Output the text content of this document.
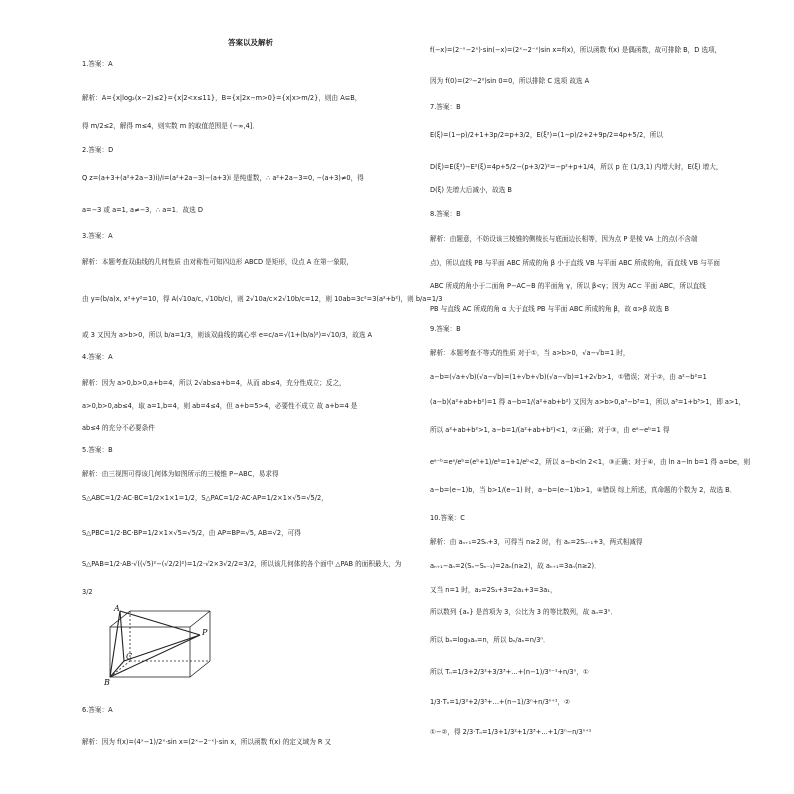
答案以及解析
1.答案：A
解析：A={x|log₂(x−2)≤2}={x|2<x≤11}，B={x|2x−m>0}={x|x>m/2}，则由 A⊆B，
得 m/2≤2，解得 m≤4，则实数 m 的取值范围是 (−∞,4]．
2.答案：D
Q z=(a+3+(a²+2a−3)i)/i=(a²+2a−3)−(a+3)i 是纯虚数，∴ a²+2a−3=0, −(a+3)≠0，得
a=−3 或 a=1, a≠−3，∴ a=1．故选 D
3.答案：A
解析：本题考查双曲线的几何性质 由对称性可知四边形 ABCD 是矩形，设点 A 在第一象限，
由 y=(b/a)x, x²+y²=10，得 A(√10a/c, √10b/c)，则 2√10a/c×2√10b/c=12，则 10ab=3c²=3(a²+b²)，则 b/a=1/3
或 3 又因为 a>b>0，所以 b/a=1/3，则该双曲线的离心率 e=c/a=√(1+(b/a)²)=√10/3，故选 A
4.答案：A
解析：因为 a>0,b>0,a+b=4，所以 2√ab≤a+b=4，从而 ab≤4，充分性成立；反之，
a>0,b>0,ab≤4，取 a=1,b=4，则 ab=4≤4，但 a+b=5>4，必要性不成立 故 a+b=4 是
ab≤4 的充分不必要条件
5.答案：B
解析：由三视图可得该几何体为如图所示的三棱锥 P−ABC，易求得
S△ABC=1/2·AC·BC=1/2×1×1=1/2，S△PAC=1/2·AC·AP=1/2×1×√5=√5/2，
S△PBC=1/2·BC·BP=1/2×1×√5=√5/2，由 AP=BP=√5, AB=√2，可得
S△PAB=1/2·AB·√((√5)²−(√2/2)²)=1/2·√2×3√2/2=3/2，所以该几何体的各个面中 △PAB 的面积最大，为
3/2
6.答案：A
解析：因为 f(x)=(4ˣ−1)/2ˣ·sin x=(2ˣ−2⁻ˣ)·sin x，所以函数 f(x) 的定义域为 R 又
f(−x)=(2⁻ˣ−2ˣ)·sin(−x)=(2ˣ−2⁻ˣ)sin x=f(x)，所以函数 f(x) 是偶函数，故可排除 B，D 选项，
因为 f(0)=(2⁰−2⁰)sin 0=0，所以排除 C 选项 故选 A
7.答案：B
E(ξ)=(1−p)/2+1+3p/2=p+3/2，E(ξ²)=(1−p)/2+2+9p/2=4p+5/2，所以
D(ξ)=E(ξ²)−E²(ξ)=4p+5/2−(p+3/2)²=−p²+p+1/4，所以 p 在 (1/3,1) 内增大时，E(ξ) 增大，
D(ξ) 先增大后减小，故选 B
8.答案：B
解析：由题意，不妨设该三棱锥的侧棱长与底面边长相等，因为点 P 是棱 VA 上的点(不含端
点)，所以直线 PB 与平面 ABC 所成的角 β 小于直线 VB 与平面 ABC 所成的角，而直线 VB 与平面
ABC 所成的角小于二面角 P−AC−B 的平面角 γ，所以 β<γ；因为 AC⊂ 平面 ABC，所以直线
PB 与直线 AC 所成的角 α 大于直线 PB 与平面 ABC 所成的角 β，故 α>β 故选 B
9.答案：B
解析：本题考查不等式的性质 对于①，当 a>b>0，√a−√b=1 时，
a−b=(√a+√b)(√a−√b)=(1+√b+√b)(√a−√b)=1+2√b>1，①错误；对于②，由 a²−b²=1
(a−b)(a²+ab+b²)=1 得 a−b=1/(a²+ab+b²) 又因为 a>b>0,a³−b³=1，所以 a³=1+b³>1，即 a>1，
所以 a²+ab+b²>1, a−b=1/(a²+ab+b²)<1，②正确；对于③，由 eᵃ−eᵇ=1 得
eᵃ⁻ᵇ=eᵃ/eᵇ=(eᵇ+1)/eᵇ=1+1/eᵇ<2，所以 a−b<ln 2<1，③正确；对于④，由 ln a−ln b=1 得 a=be，则
a−b=(e−1)b，当 b>1/(e−1) 时，a−b=(e−1)b>1，④错误 综上所述，真命题的个数为 2，故选 B．
10.答案：C
解析：由 aₙ₊₁=2Sₙ+3，可得当 n≥2 时，有 aₙ=2Sₙ₋₁+3，两式相减得
aₙ₊₁−aₙ=2(Sₙ−Sₙ₋₁)=2aₙ(n≥2)，故 aₙ₊₁=3aₙ(n≥2)．
又当 n=1 时，a₂=2S₁+3=2a₁+3=3a₁，
所以数列 {aₙ} 是首项为 3，公比为 3 的等比数列，故 aₙ=3ⁿ．
所以 bₙ=log₃aₙ=n，所以 bₙ/aₙ=n/3ⁿ．
所以 Tₙ=1/3+2/3²+3/3³+…+(n−1)/3ⁿ⁻¹+n/3ⁿ，①
1/3·Tₙ=1/3²+2/3³+…+(n−1)/3ⁿ+n/3ⁿ⁺¹，②
①−②，得 2/3·Tₙ=1/3+1/3²+1/3³+…+1/3ⁿ−n/3ⁿ⁺¹
A
P
C
B
